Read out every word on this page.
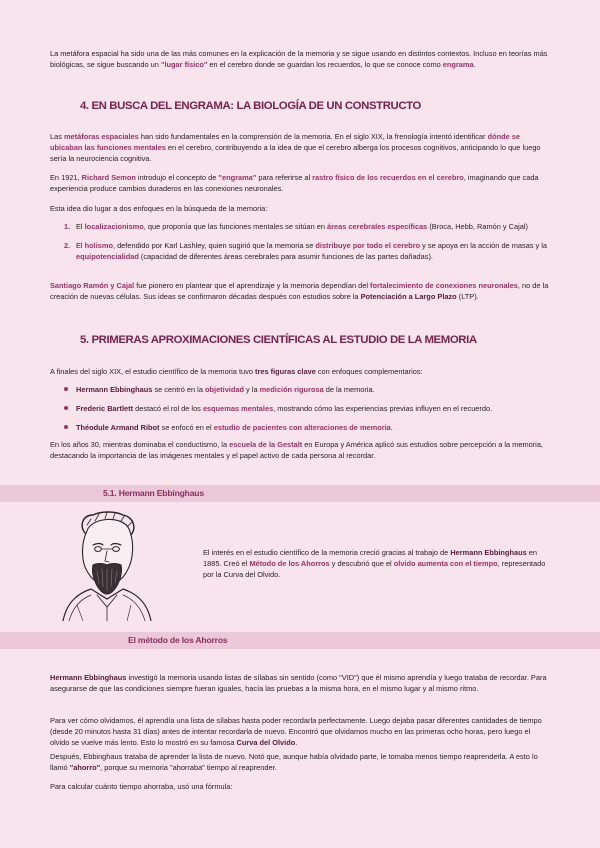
La metáfora espacial ha sido una de las más comunes en la explicación de la memoria y se sigue usando en distintos contextos. Incluso en teorías más biológicas, se sigue buscando un "lugar físico" en el cerebro donde se guardan los recuerdos, lo que se conoce como engrama.

4. EN BUSCA DEL ENGRAMA: LA BIOLOGÍA DE UN CONSTRUCTO

Las metáforas espaciales han sido fundamentales en la comprensión de la memoria. En el siglo XIX, la frenología intentó identificar dónde se ubicaban las funciones mentales en el cerebro, contribuyendo a la idea de que el cerebro alberga los procesos cognitivos, anticipando lo que luego sería la neurociencia cognitiva.

En 1921, Richard Semon introdujo el concepto de "engrama" para referirse al rastro físico de los recuerdos en el cerebro, imaginando que cada experiencia produce cambios duraderos en las conexiones neuronales.

Esta idea dio lugar a dos enfoques en la búsqueda de la memoria:

1. El localizacionismo, que proponía que las funciones mentales se sitúan en áreas cerebrales específicas (Broca, Hebb, Ramón y Cajal)
2. El holismo, defendido por Karl Lashley, quien sugirió que la memoria se distribuye por todo el cerebro y se apoya en la acción de masas y la equipotencialidad (capacidad de diferentes áreas cerebrales para asumir funciones de las partes dañadas).

Santiago Ramón y Cajal fue pionero en plantear que el aprendizaje y la memoria dependían del fortalecimiento de conexiones neuronales, no de la creación de nuevas células. Sus ideas se confirmaron décadas después con estudios sobre la Potenciación a Largo Plazo (LTP).

5. PRIMERAS APROXIMACIONES CIENTÍFICAS AL ESTUDIO DE LA MEMORIA

A finales del siglo XIX, el estudio científico de la memoria tuvo tres figuras clave con enfoques complementarios:

Hermann Ebbinghaus se centró en la objetividad y la medición rigurosa de la memoria.
Frederic Bartlett destacó el rol de los esquemas mentales, mostrando cómo las experiencias previas influyen en el recuerdo.
Théodule Armand Ribot se enfocó en el estudio de pacientes con alteraciones de memoria.

En los años 30, mientras dominaba el conductismo, la escuela de la Gestalt en Europa y América aplicó sus estudios sobre percepción a la memoria, destacando la importancia de las imágenes mentales y el papel activo de cada persona al recordar.

5.1. Hermann Ebbinghaus

El interés en el estudio científico de la memoria creció gracias al trabajo de Hermann Ebbinghaus en 1885. Creó el Método de los Ahorros y descubrió que el olvido aumenta con el tiempo, representado por la Curva del Olvido.

El método de los Ahorros

Hermann Ebbinghaus investigó la memoria usando listas de sílabas sin sentido (como "VID") que él mismo aprendía y luego trataba de recordar. Para asegurarse de que las condiciones siempre fueran iguales, hacía las pruebas a la misma hora, en el mismo lugar y al mismo ritmo.

Para ver cómo olvidamos, él aprendía una lista de sílabas hasta poder recordarla perfectamente. Luego dejaba pasar diferentes cantidades de tiempo (desde 20 minutos hasta 31 días) antes de intentar recordarla de nuevo. Encontró que olvidamos mucho en las primeras ocho horas, pero luego el olvido se vuelve más lento. Esto lo mostró en su famosa Curva del Olvido.

Después, Ebbinghaus trataba de aprender la lista de nuevo. Notó que, aunque había olvidado parte, le tomaba menos tiempo reaprenderla. A esto lo llamó "ahorro", porque su memoria "ahorraba" tiempo al reaprender.

Para calcular cuánto tiempo ahorraba, usó una fórmula:
